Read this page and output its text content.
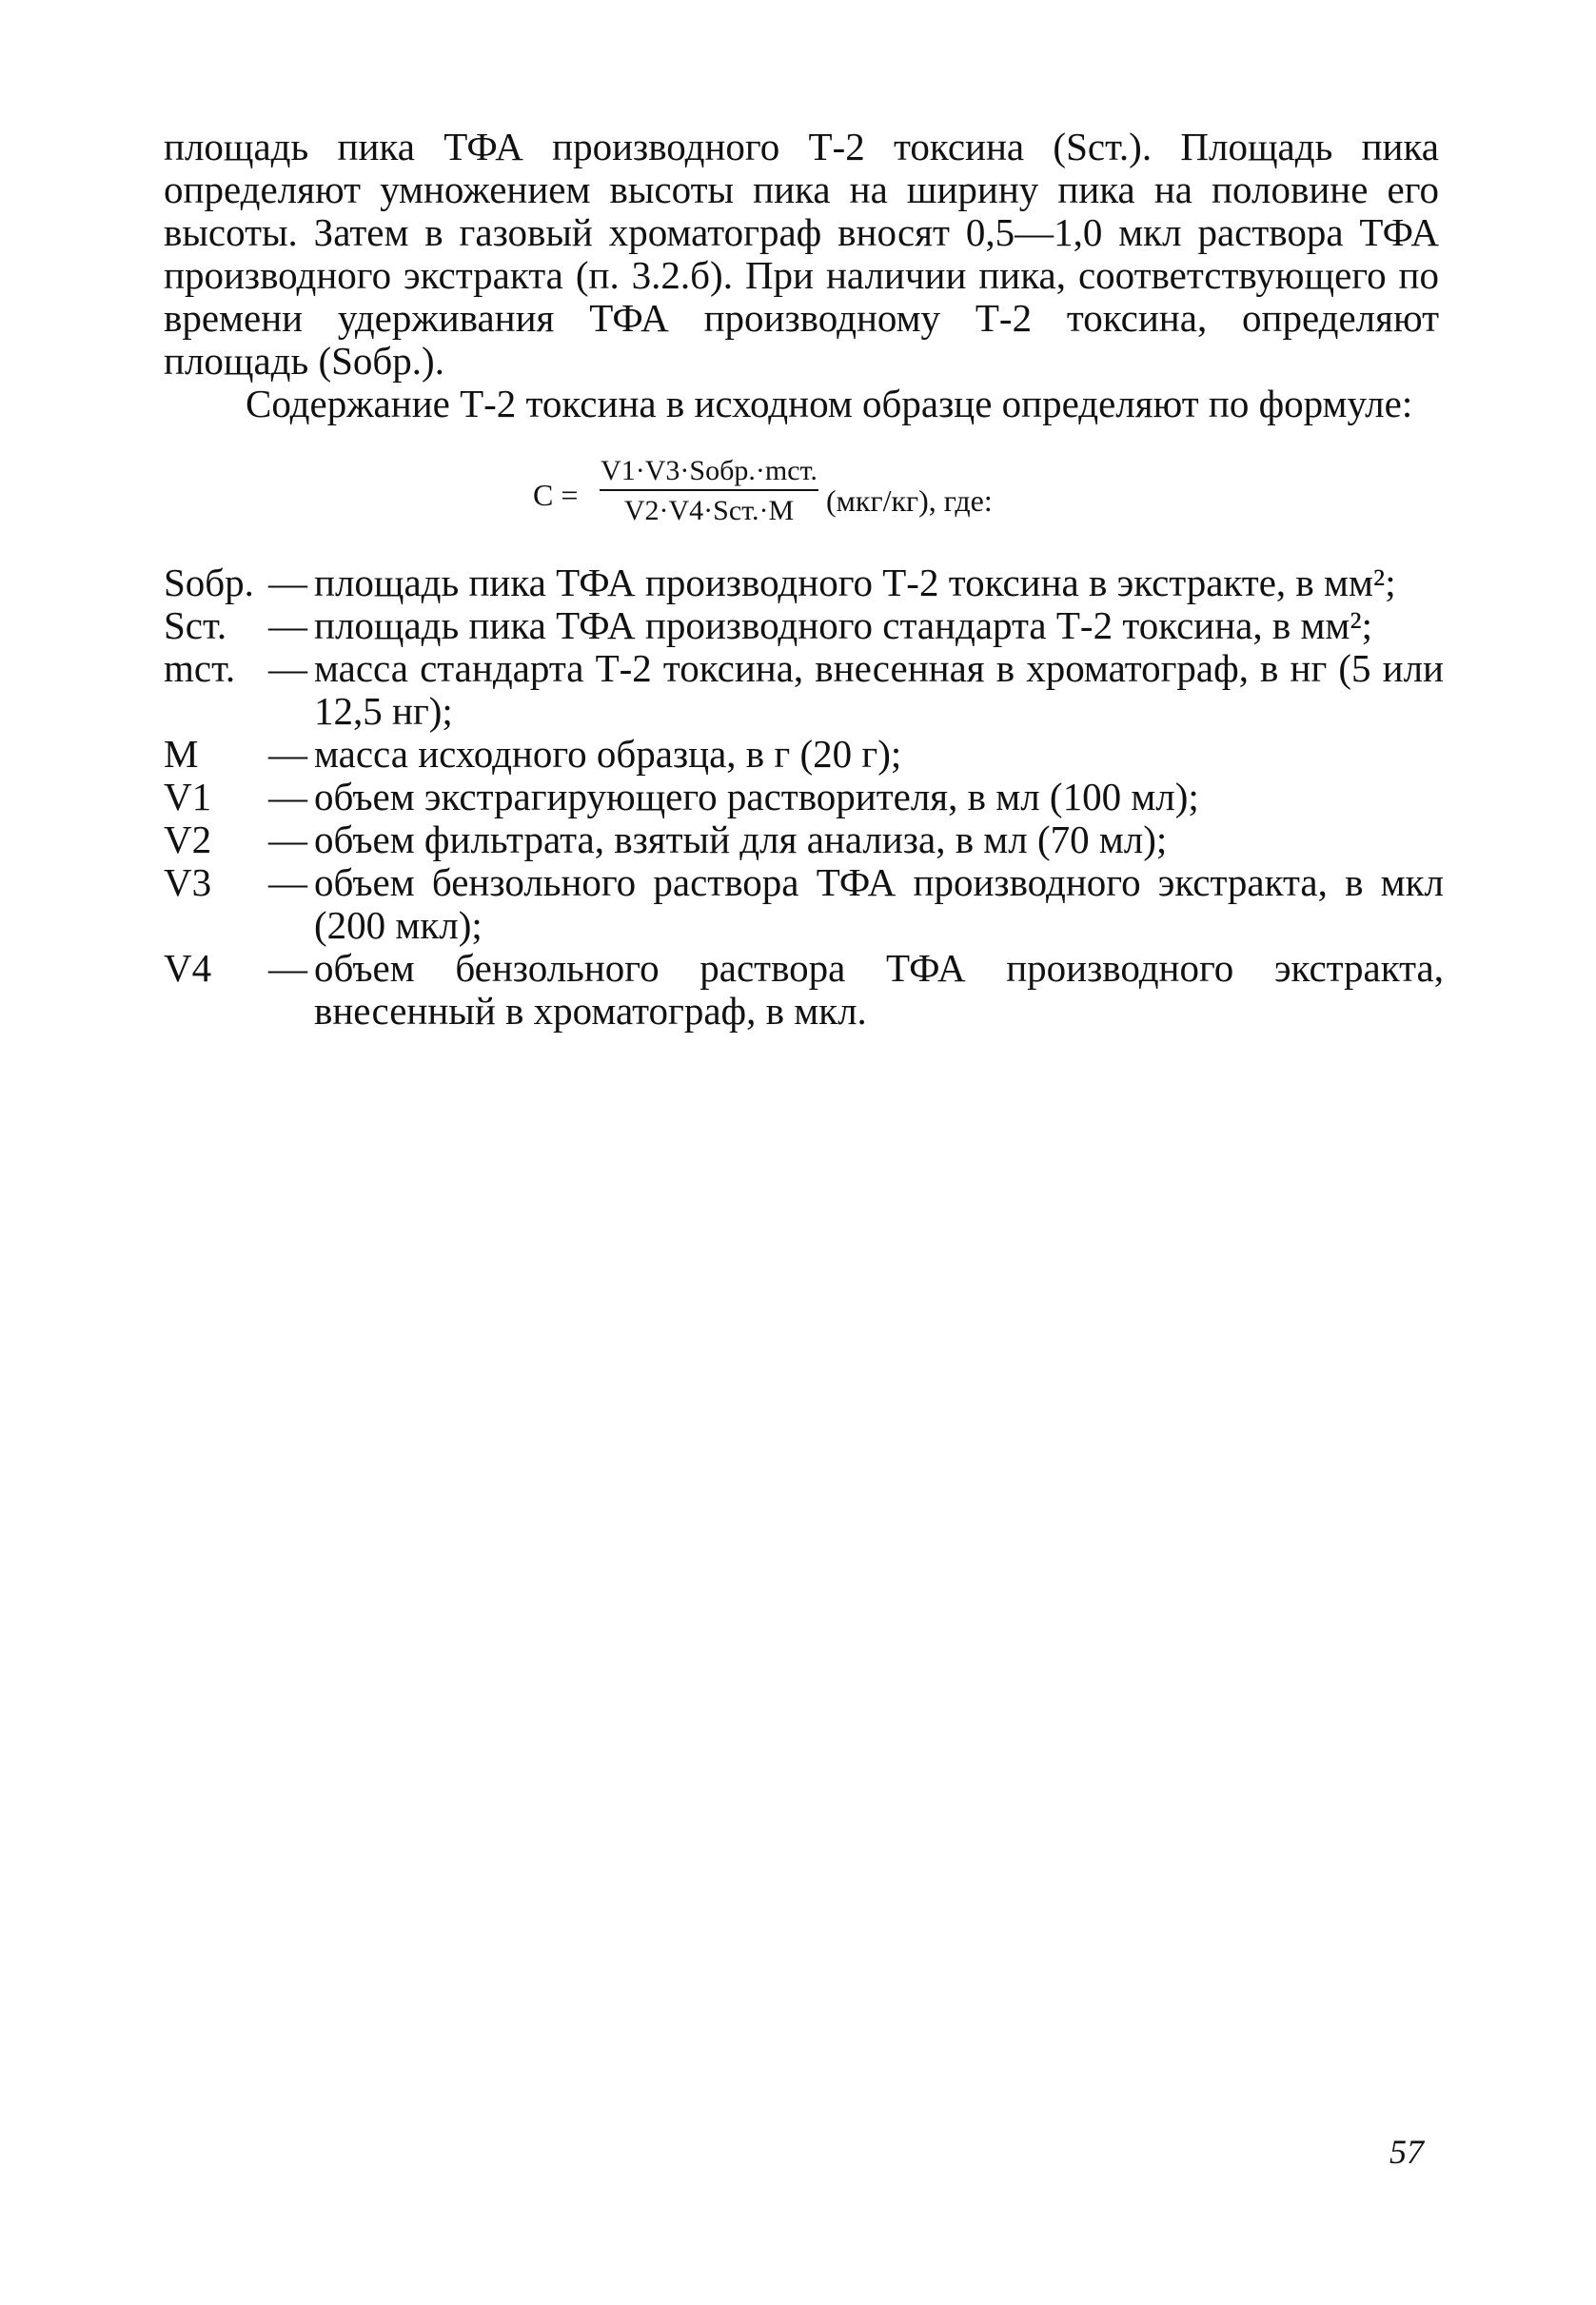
площадь пика ТФА производного Т-2 токсина (Sст.). Площадь пика определяют умножением высоты пика на ширину пика на половине его высоты. Затем в газовый хроматограф вносят 0,5—1,0 мкл раствора ТФА производного экстракта (п. 3.2.б). При наличии пика, соответствующего по времени удерживания ТФА производному Т-2 токсина, определяют площадь (Sобр.).

Содержание Т-2 токсина в исходном образце определяют по формуле:

C =
V1·V3·Sобр.·mст.
V2·V4·Sст.·M	(мкг/кг), где:
Sобр. — площадь пика ТФА производного Т-2 токсина в экстракте, в мм²;
Sст.	— площадь пика ТФА производного стандарта Т-2 токсина, в мм²;
mст. — масса стандарта Т-2 токсина, внесенная в хроматограф, в нг (5 или 12,5 нг);
M	— масса исходного образца, в г (20 г);
V1	— объем экстрагирующего растворителя, в мл (100 мл);
V2	— объем фильтрата, взятый для анализа, в мл (70 мл);
V3	— объем бензольного раствора ТФА производного экстракта, в мкл (200 мкл);
V4	— объем бензольного раствора ТФА производного экстракта, внесенный в хроматограф, в мкл.
57
